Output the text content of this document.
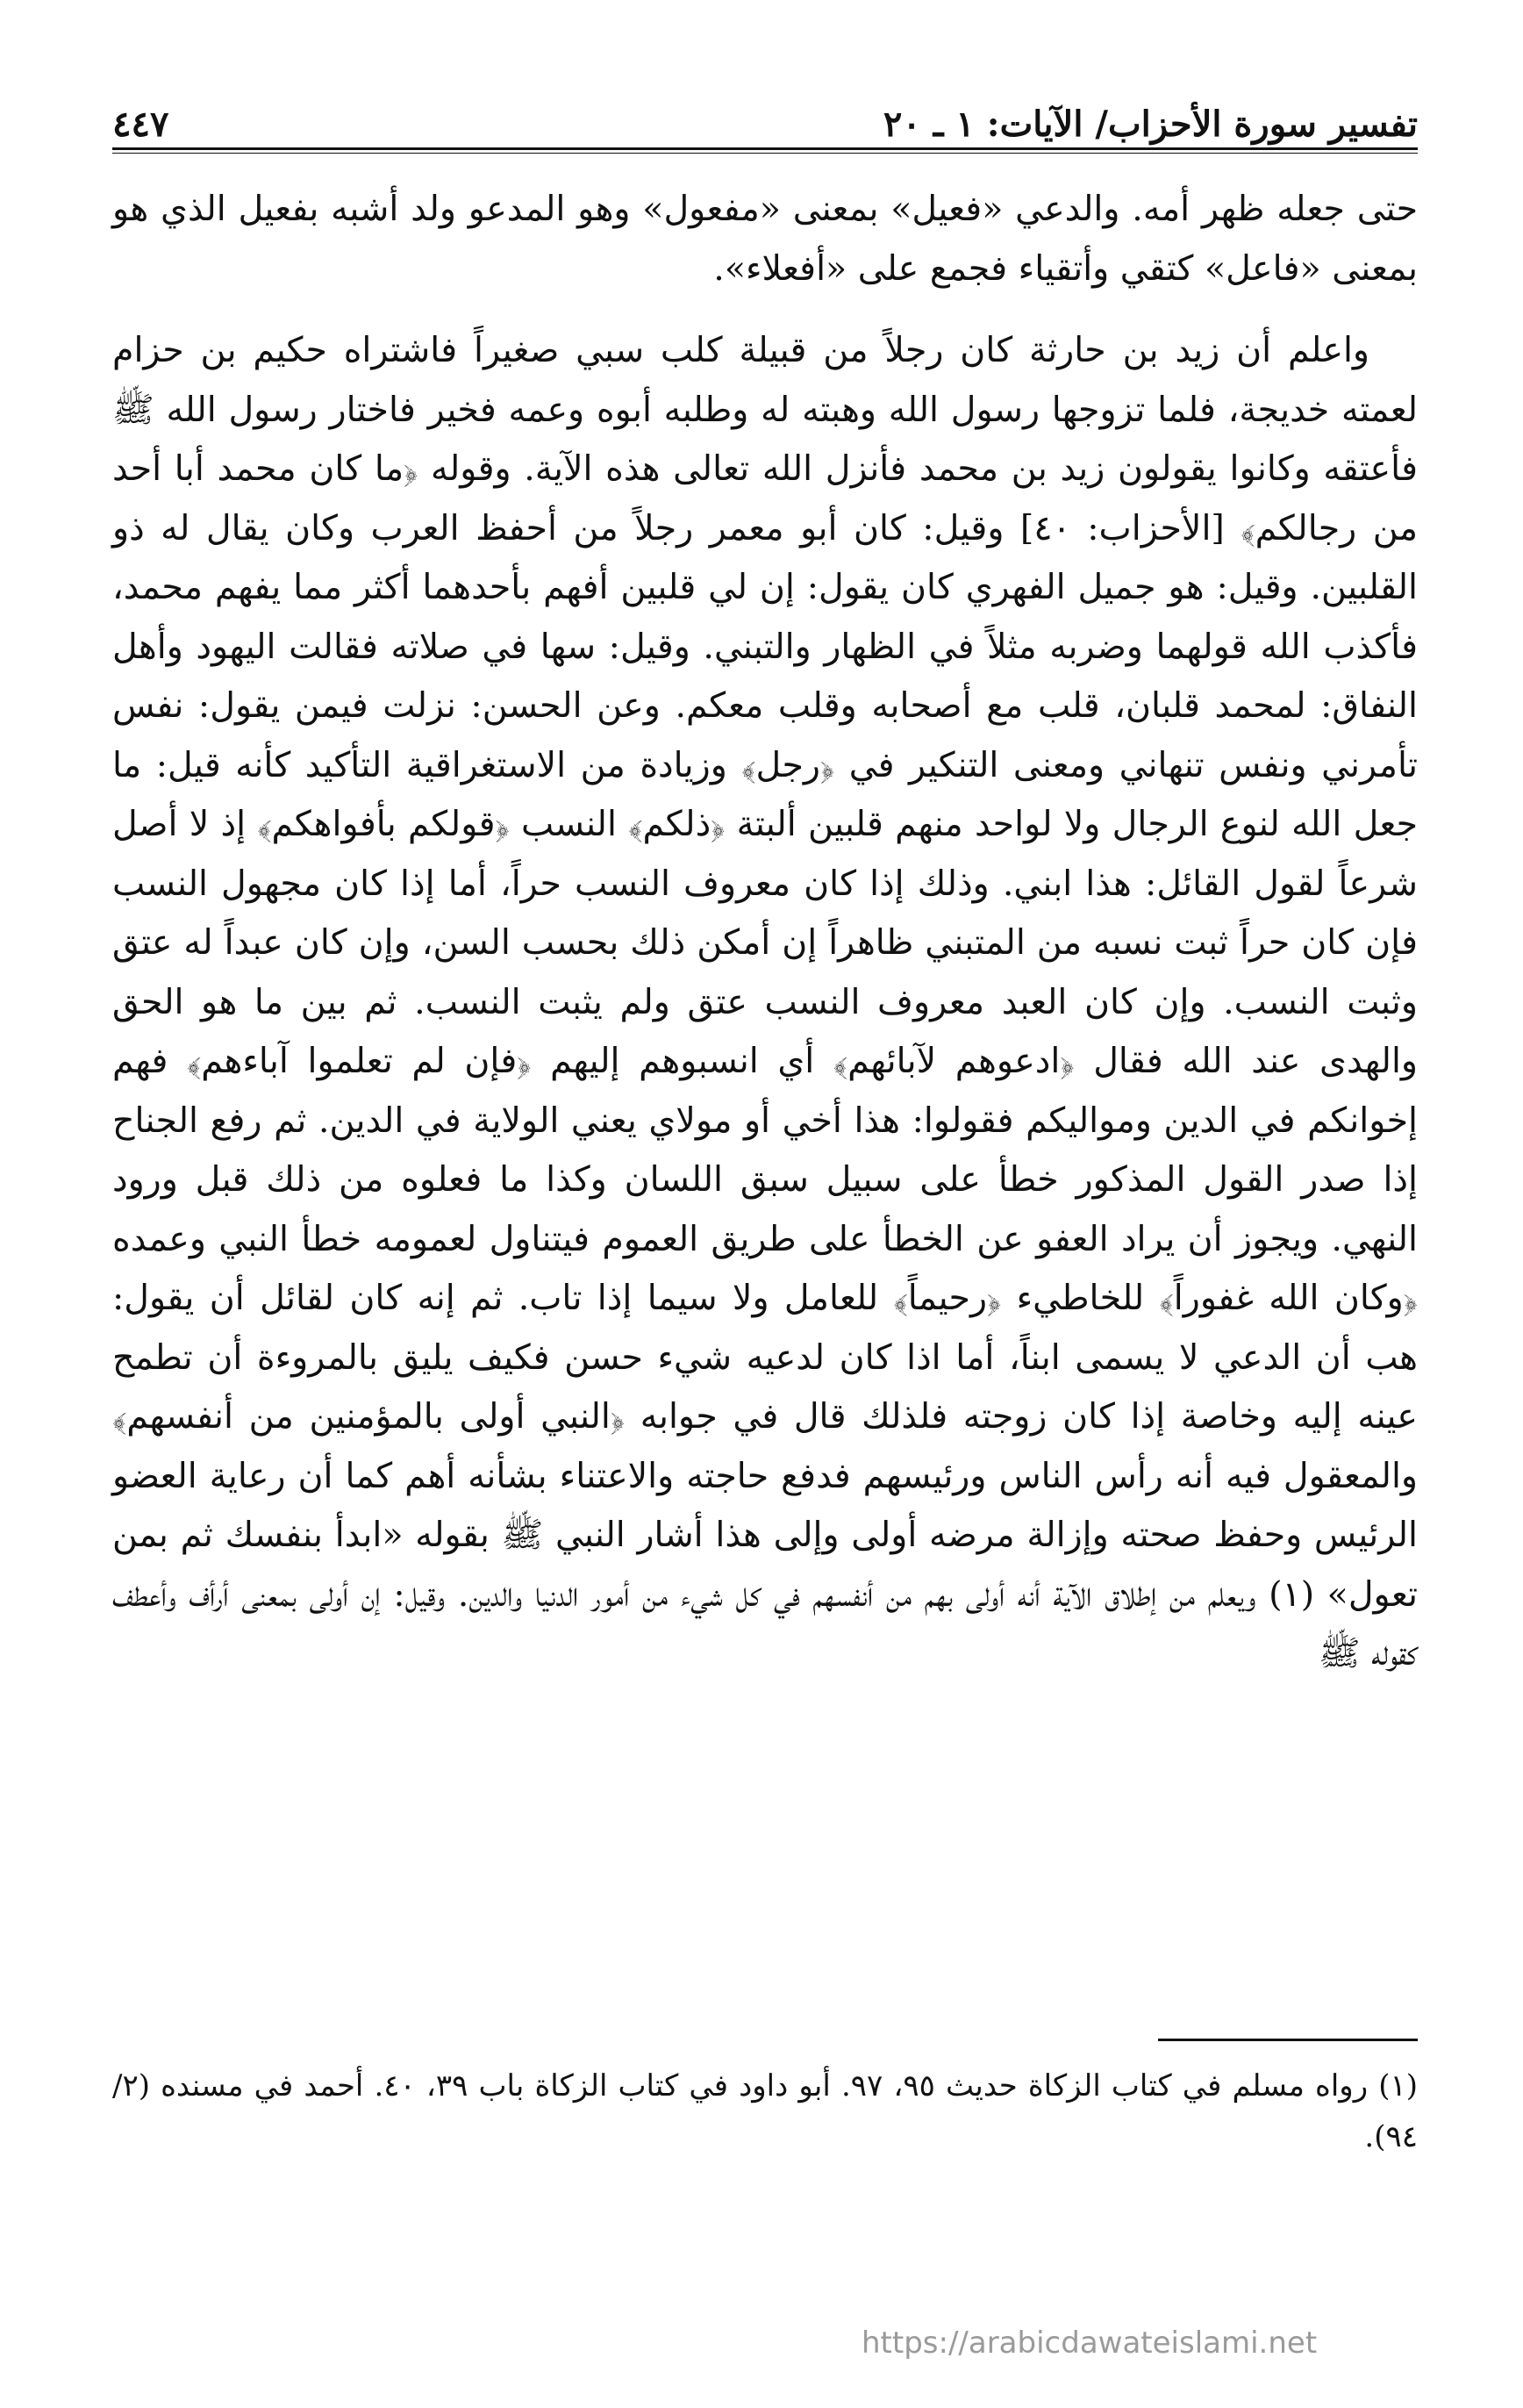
تفسير سورة الأحزاب/ الآيات: ١ ـ ٢٠
٤٤٧

حتى جعله ظهر أمه. والدعي «فعيل» بمعنى «مفعول» وهو المدعو ولد أشبه بفعيل الذي هو بمعنى «فاعل» كتقي وأتقياء فجمع على «أفعلاء».

واعلم أن زيد بن حارثة كان رجلاً من قبيلة كلب سبي صغيراً فاشتراه حكيم بن حزام لعمته خديجة، فلما تزوجها رسول الله وهبته له وطلبه أبوه وعمه فخير فاختار رسول الله ﷺ فأعتقه وكانوا يقولون زيد بن محمد فأنزل الله تعالى هذه الآية. وقوله ﴿ما كان محمد أبا أحد من رجالكم﴾ [الأحزاب: ٤٠] وقيل: كان أبو معمر رجلاً من أحفظ العرب وكان يقال له ذو القلبين. وقيل: هو جميل الفهري كان يقول: إن لي قلبين أفهم بأحدهما أكثر مما يفهم محمد، فأكذب الله قولهما وضربه مثلاً في الظهار والتبني. وقيل: سها في صلاته فقالت اليهود وأهل النفاق: لمحمد قلبان، قلب مع أصحابه وقلب معكم. وعن الحسن: نزلت فيمن يقول: نفس تأمرني ونفس تنهاني ومعنى التنكير في ﴿رجل﴾ وزيادة من الاستغراقية التأكيد كأنه قيل: ما جعل الله لنوع الرجال ولا لواحد منهم قلبين ألبتة ﴿ذلكم﴾ النسب ﴿قولكم بأفواهكم﴾ إذ لا أصل شرعاً لقول القائل: هذا ابني. وذلك إذا كان معروف النسب حراً، أما إذا كان مجهول النسب فإن كان حراً ثبت نسبه من المتبني ظاهراً إن أمكن ذلك بحسب السن، وإن كان عبداً له عتق وثبت النسب. وإن كان العبد معروف النسب عتق ولم يثبت النسب. ثم بين ما هو الحق والهدى عند الله فقال ﴿ادعوهم لآبائهم﴾ أي انسبوهم إليهم ﴿فإن لم تعلموا آباءهم﴾ فهم إخوانكم في الدين ومواليكم فقولوا: هذا أخي أو مولاي يعني الولاية في الدين. ثم رفع الجناح إذا صدر القول المذكور خطأ على سبيل سبق اللسان وكذا ما فعلوه من ذلك قبل ورود النهي. ويجوز أن يراد العفو عن الخطأ على طريق العموم فيتناول لعمومه خطأ النبي وعمده ﴿وكان الله غفوراً﴾ للخاطيء ﴿رحيماً﴾ للعامل ولا سيما إذا تاب. ثم إنه كان لقائل أن يقول: هب أن الدعي لا يسمى ابناً، أما اذا كان لدعيه شيء حسن فكيف يليق بالمروءة أن تطمح عينه إليه وخاصة إذا كان زوجته فلذلك قال في جوابه ﴿النبي أولى بالمؤمنين من أنفسهم﴾ والمعقول فيه أنه رأس الناس ورئيسهم فدفع حاجته والاعتناء بشأنه أهم كما أن رعاية العضو الرئيس وحفظ صحته وإزالة مرضه أولى وإلى هذا أشار النبي ﷺ بقوله «ابدأ بنفسك ثم بمن تعول» (١) ويعلم من إطلاق الآية أنه أولى بهم من أنفسهم في كل شيء من أمور الدنيا والدين. وقيل: إن أولى بمعنى أرأف وأعطف كقوله ﷺ

(١) رواه مسلم في كتاب الزكاة حديث ٩٥، ٩٧. أبو داود في كتاب الزكاة باب ٣٩، ٤٠. أحمد في مسنده (٢/ ٩٤).

https://arabicdawateislami.net
